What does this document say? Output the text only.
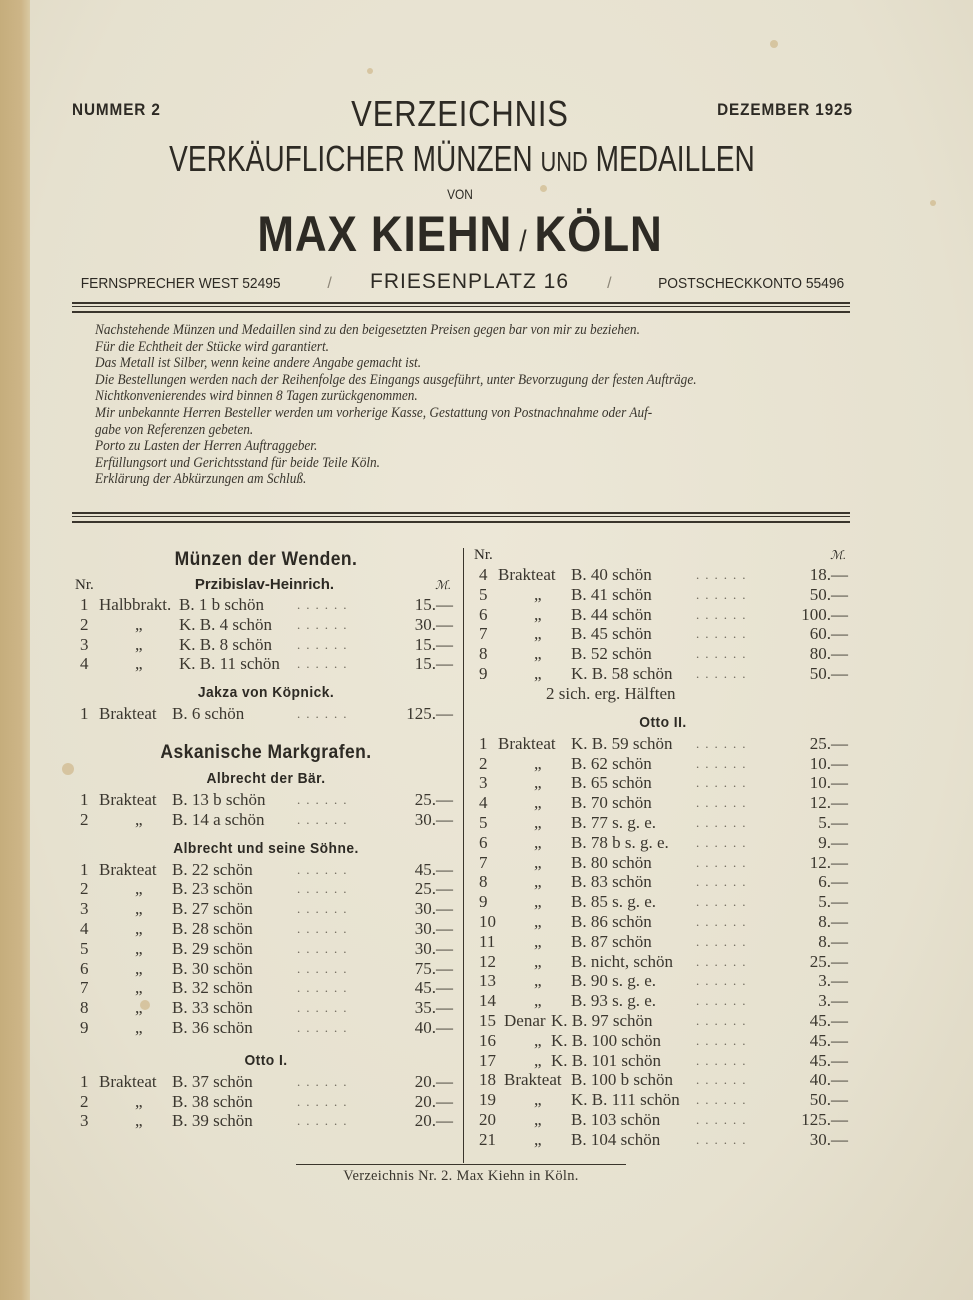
NUMMER 2	DEZEMBER 1925
VERZEICHNIS
VERKÄUFLICHER MÜNZEN UND MEDAILLEN
VON
MAX KIEHN / KÖLN
FERNSPRECHER WEST 52495	/ FRIESENPLATZ 16 /	POSTSCHECKKONTO 55496
Nachstehende Münzen und Medaillen sind zu den beigesetzten Preisen gegen bar von mir zu beziehen.
Für die Echtheit der Stücke wird garantiert.
Das Metall ist Silber, wenn keine andere Angabe gemacht ist.
Die Bestellungen werden nach der Reihenfolge des Eingangs ausgeführt, unter Bevorzugung der festen Aufträge.
Nichtkonvenierendes wird binnen 8 Tagen zurückgenommen.
Mir unbekannte Herren Besteller werden um vorherige Kasse, Gestattung von Postnachnahme oder Auf-
gabe von Referenzen gebeten.
Porto zu Lasten der Herren Auftraggeber.
Erfüllungsort und Gerichtsstand für beide Teile Köln.
Erklärung der Abkürzungen am Schluß.
Münzen der Wenden.
Nr.	Przibislav-Heinrich.	ℳ.
1 Halbbrakt. B. 1 b schön	......	15.—
2	„ K. B. 4 schön ......	30.—
3	„ K. B. 8 schön ......	15.—
4	„ K. B. 11 schön ......	15.—
Jakza von Köpnick.
1 Brakteat B. 6 schön	......	125.—
Askanische Markgrafen.
Albrecht der Bär.
1 Brakteat B. 13 b schön ......	25.—
2	„ B. 14 a schön ......	30.—
Albrecht und seine Söhne.
1 Brakteat B. 22 schön	......	45.—
2	„ B. 23 schön	......	25.—
3	„ B. 27 schön	......	30.—
4	„ B. 28 schön	......	30.—
5	„ B. 29 schön	......	30.—
6	„ B. 30 schön	......	75.—
7	„ B. 32 schön	......	45.—
8	„ B. 33 schön	......	35.—
9	„ B. 36 schön	......	40.—
Otto I.
1 Brakteat B. 37 schön	......	20.—
2	„ B. 38 schön	......	20.—
3	„ B. 39 schön	......	20.—
Nr.	ℳ.
4 Brakteat B. 40 schön	......	18.—
5	„ B. 41 schön	......	50.—
6	„ B. 44 schön	......	100.—
7	„ B. 45 schön	......	60.—
8	„ B. 52 schön	......	80.—
9	„ K. B. 58 schön ......	50.—
2 sich. erg. Hälften
Otto II.
1 Brakteat K. B. 59 schön ......	25.—
2	„ B. 62 schön	......	10.—
3	„ B. 65 schön	......	10.—
4	„ B. 70 schön	......	12.—
5	„ B. 77 s. g. e.	......	5.—
6	„ B. 78 b s. g. e. ......	9.—
7	„ B. 80 schön	......	12.—
8	„ B. 83 schön	......	6.—
9	„ B. 85 s. g. e.	......	5.—
10 „ B. 86 schön	......	8.—
11	„ B. 87 schön	......	8.—
12 „ B. nicht, schön ......	25.—
13 „ B. 90 s. g. e.	......	3.—
14 „ B. 93 s. g. e.	......	3.—
15 Denar K. B. 97 schön	......	45.—
16 „ K. B. 100 schön	......	45.—
17 „ K. B. 101 schön	......	45.—
18 Brakteat B. 100 b schön ......	40.—
19 „ K. B. 111 schön ......	50.—
20 „ B. 103 schön	......	125.—
21 „ B. 104 schön	......	30.—
Verzeichnis Nr. 2. Max Kiehn in Köln.
